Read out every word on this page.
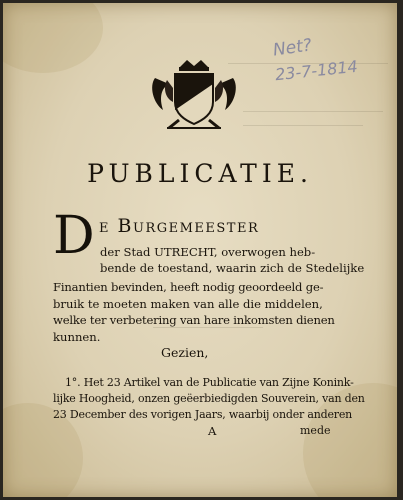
Net?
23-7-1814
PUBLICATIE.
D e Burgemeester
der Stad UTRECHT, overwogen heb-
bende de toestand, waarin zich de Stedelijke
Finantien bevinden, heeft nodig geoordeeld ge-
bruik te moeten maken van alle die middelen,
welke ter verbetering van hare inkomsten dienen
kunnen.
Gezien,
1°. Het 23 Artikel van de Publicatie van Zijne Konink-
lijke Hoogheid, onzen geëerbiedigden Souverein, van den
23 December des vorigen Jaars, waarbij onder anderen
A	mede
